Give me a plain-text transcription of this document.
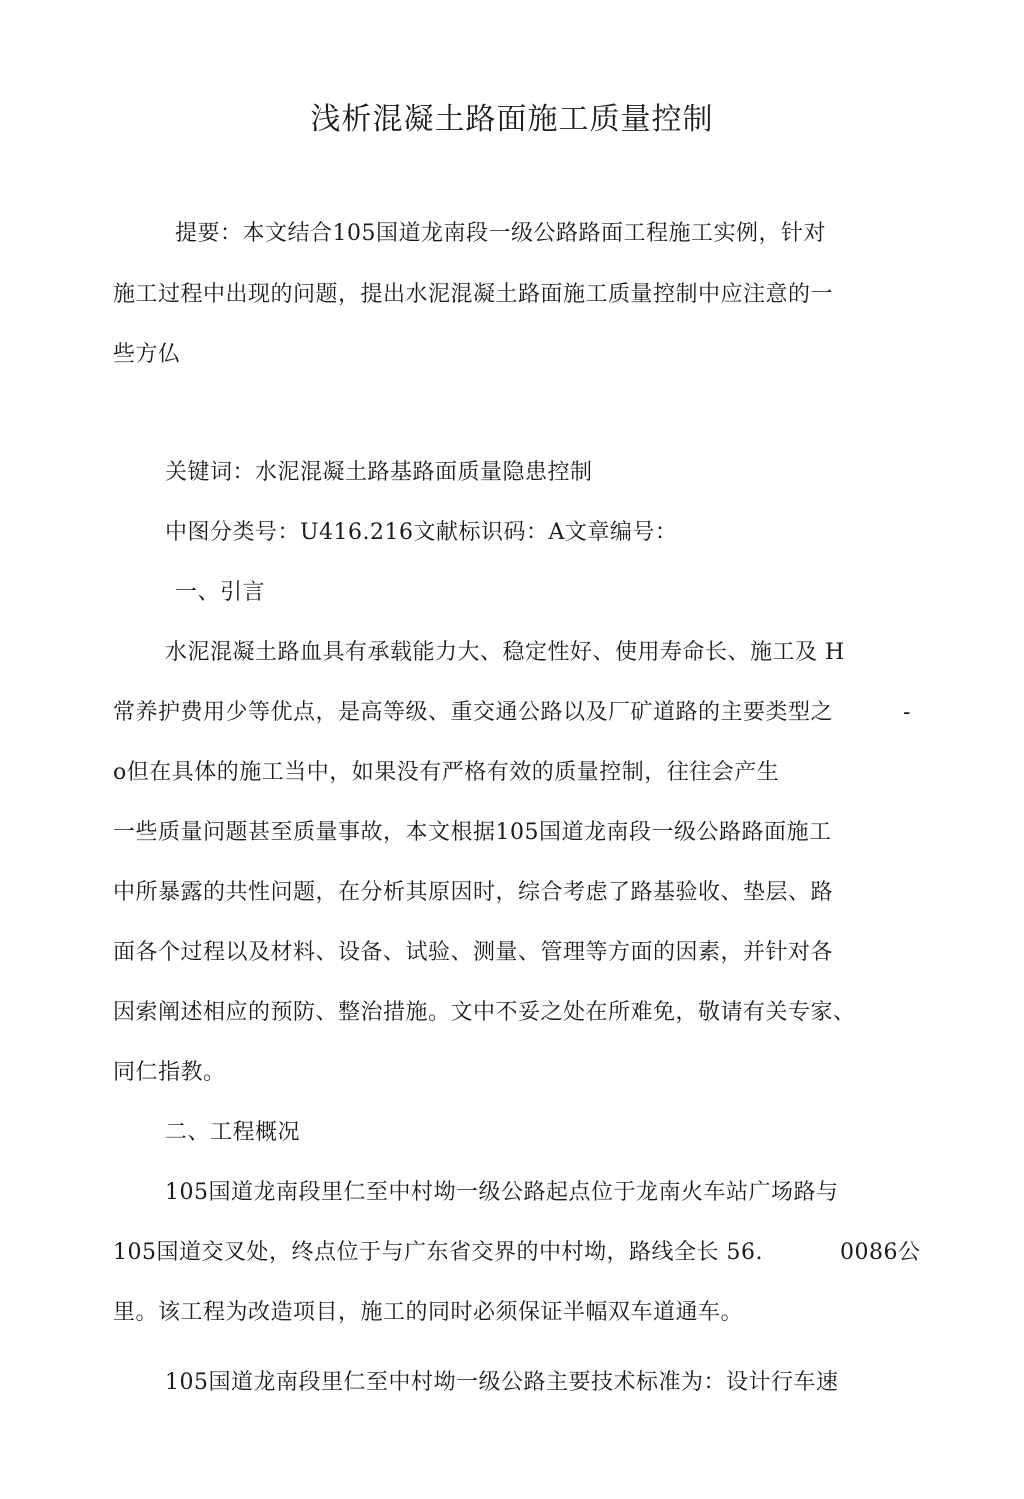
浅析混凝土路面施工质量控制
提要：本文结合105国道龙南段一级公路路面工程施工实例，针对
施工过程中出现的问题，提出水泥混凝土路面施工质量控制中应注意的一
些方仏
关键词：水泥混凝土路基路面质量隐患控制
中图分类号：U416.216文献标识码：A文章编号：
一、引言
水泥混凝土路血具有承载能力大、稳定性好、使用寿命长、施工及 H
常养护费用少等优点，是高等级、重交通公路以及厂矿道路的主要类型之	-
o但在具体的施工当中，如果没有严格有效的质量控制，往往会产生
一些质量问题甚至质量事故，本文根据105国道龙南段一级公路路面施工
中所暴露的共性问题，在分析其原因时，综合考虑了路基验收、垫层、路
面各个过程以及材料、设备、试验、测量、管理等方面的因素，并针对各
因索阐述相应的预防、整治措施。文中不妥之处在所难免，敬请有关专家、
同仁指教。
二、工程概况
105国道龙南段里仁至中村坳一级公路起点位于龙南火车站广场路与
105国道交叉处，终点位于与广东省交界的中村坳，路线全长 56.	0086公
里。该工程为改造项目，施工的同时必须保证半幅双车道通车。
105国道龙南段里仁至中村坳一级公路主要技术标准为：设计行车速
